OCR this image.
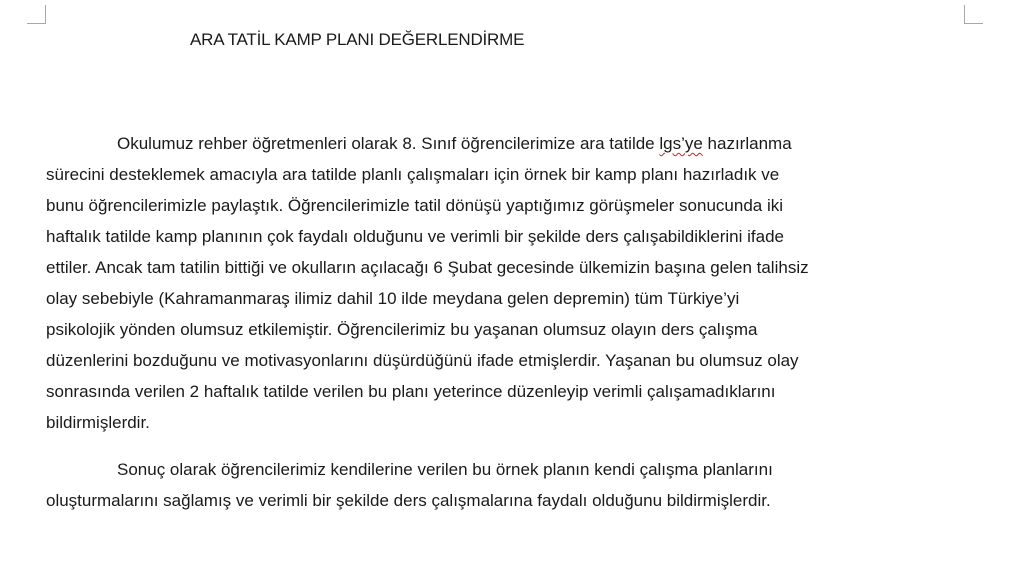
ARA TATİL KAMP PLANI DEĞERLENDİRME
Okulumuz rehber öğretmenleri olarak 8. Sınıf öğrencilerimize ara tatilde lgs’ye hazırlanma
sürecini desteklemek amacıyla ara tatilde planlı çalışmaları için örnek bir kamp planı hazırladık ve
bunu öğrencilerimizle paylaştık. Öğrencilerimizle tatil dönüşü yaptığımız görüşmeler sonucunda iki
haftalık tatilde kamp planının çok faydalı olduğunu ve verimli bir şekilde ders çalışabildiklerini ifade
ettiler. Ancak tam tatilin bittiği ve okulların açılacağı 6 Şubat gecesinde ülkemizin başına gelen talihsiz
olay sebebiyle (Kahramanmaraş ilimiz dahil 10 ilde meydana gelen depremin) tüm Türkiye’yi
psikolojik yönden olumsuz etkilemiştir. Öğrencilerimiz bu yaşanan olumsuz olayın ders çalışma
düzenlerini bozduğunu ve motivasyonlarını düşürdüğünü ifade etmişlerdir. Yaşanan bu olumsuz olay
sonrasında verilen 2 haftalık tatilde verilen bu planı yeterince düzenleyip verimli çalışamadıklarını
bildirmişlerdir.
Sonuç olarak öğrencilerimiz kendilerine verilen bu örnek planın kendi çalışma planlarını
oluşturmalarını sağlamış ve verimli bir şekilde ders çalışmalarına faydalı olduğunu bildirmişlerdir.
